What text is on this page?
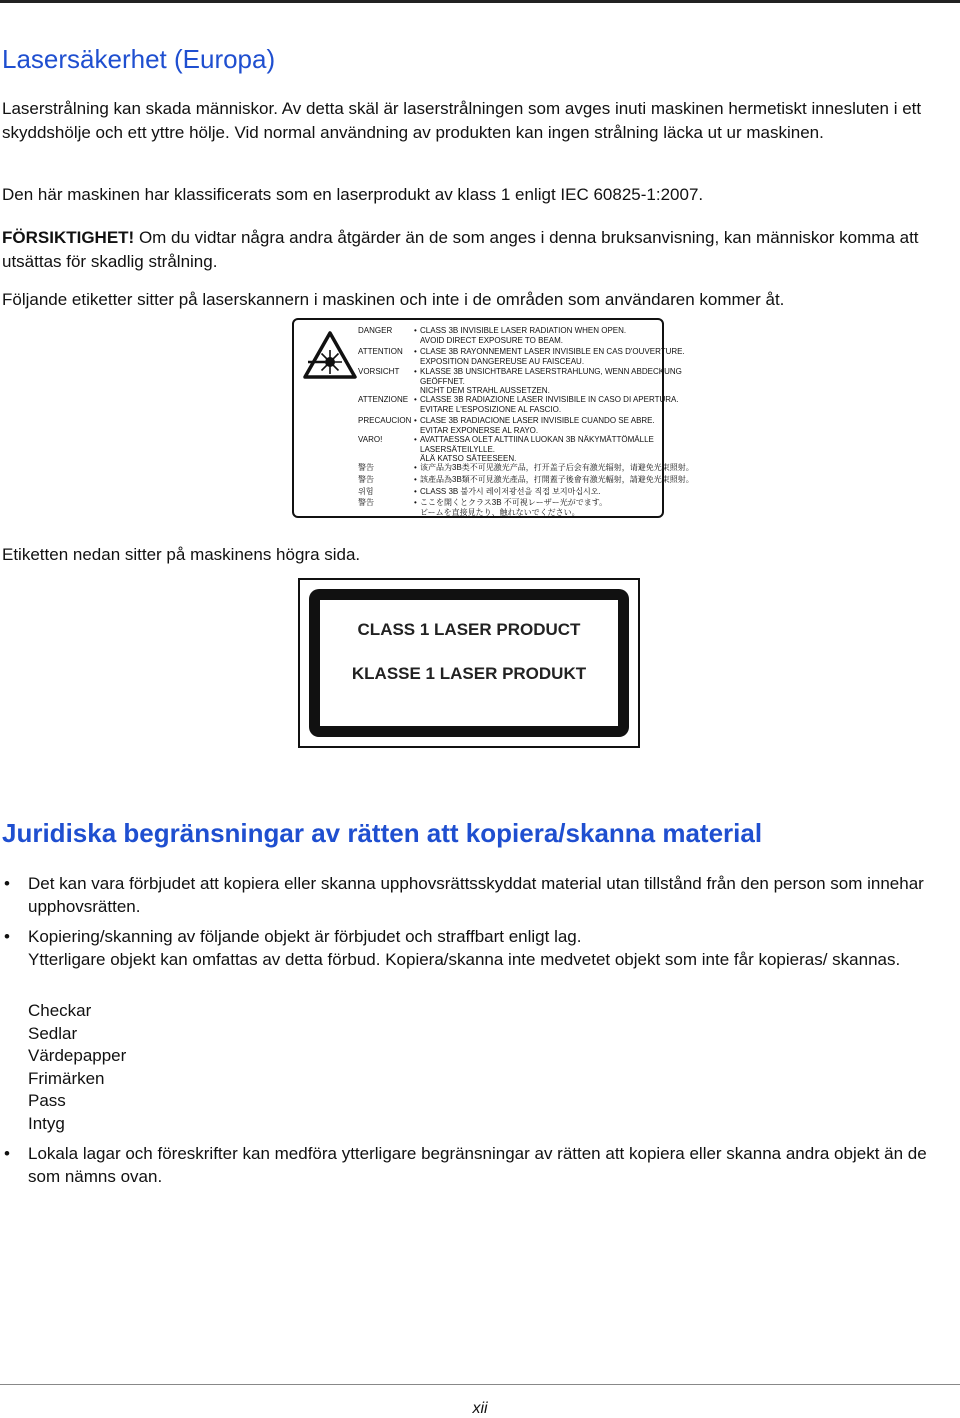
Lasersäkerhet (Europa)

Laserstrålning kan skada människor. Av detta skäl är laserstrålningen som avges inuti maskinen hermetiskt innesluten i ett skyddshölje och ett yttre hölje. Vid normal användning av produkten kan ingen strålning läcka ut ur maskinen.

Den här maskinen har klassificerats som en laserprodukt av klass 1 enligt IEC 60825-1:2007.

FÖRSIKTIGHET! Om du vidtar några andra åtgärder än de som anges i denna bruksanvisning, kan människor komma att utsättas för skadlig strålning.

Följande etiketter sitter på laserskannern i maskinen och inte i de områden som användaren kommer åt.

DANGER	• CLASS 3B INVISIBLE LASER RADIATION WHEN OPEN.
AVOID DIRECT EXPOSURE TO BEAM.
ATTENTION	• CLASE 3B RAYONNEMENT LASER INVISIBLE EN CAS D'OUVERTURE.
EXPOSITION DANGEREUSE AU FAISCEAU.
VORSICHT	• KLASSE 3B UNSICHTBARE LASERSTRAHLUNG, WENN ABDECKUNG
GEÖFFNET.
NICHT DEM STRAHL AUSSETZEN.
ATTENZIONE	• CLASSE 3B RADIAZIONE LASER INVISIBILE IN CASO DI APERTURA.
EVITARE L'ESPOSIZIONE AL FASCIO.
PRECAUCION	• CLASE 3B RADIACIONE LASER INVISIBLE CUANDO SE ABRE.
EVITAR EXPONERSE AL RAYO.
VARO!	• AVATTAESSA OLET ALTTIINA LUOKAN 3B NÄKYMÄTTÖMÄLLE
LASERSÄTEILYLLE.
ÄLÄ KATSO SÄTEESEEN.
警告	• 该产品为3B类不可见激光产品，打开盖子后会有激光辐射，请避免光束照射。
警告	• 該產品為3B類不可見激光產品，打開蓋子後會有激光輻射，請避免光束照射。
위험	• CLASS 3B 불가시 레이저광선을 직접 보지마십시오.
警告	• ここを開くとクラス3B 不可視レーザー光がでます。
ビームを直接見たり、触れないでください。

Etiketten nedan sitter på maskinens högra sida.

CLASS 1 LASER PRODUCT
KLASSE 1 LASER PRODUKT
Juridiska begränsningar av rätten att kopiera/skanna material
• Det kan vara förbjudet att kopiera eller skanna upphovsrättsskyddat material utan tillstånd från den person som innehar upphovsrätten.

• Kopiering/skanning av följande objekt är förbjudet och straffbart enligt lag.
Ytterligare objekt kan omfattas av detta förbud. Kopiera/skanna inte medvetet objekt som inte får kopieras/ skannas.

Checkar

Sedlar

Värdepapper

Frimärken

Pass

Intyg

• Lokala lagar och föreskrifter kan medföra ytterligare begränsningar av rätten att kopiera eller skanna andra objekt än de som nämns ovan.

xii
